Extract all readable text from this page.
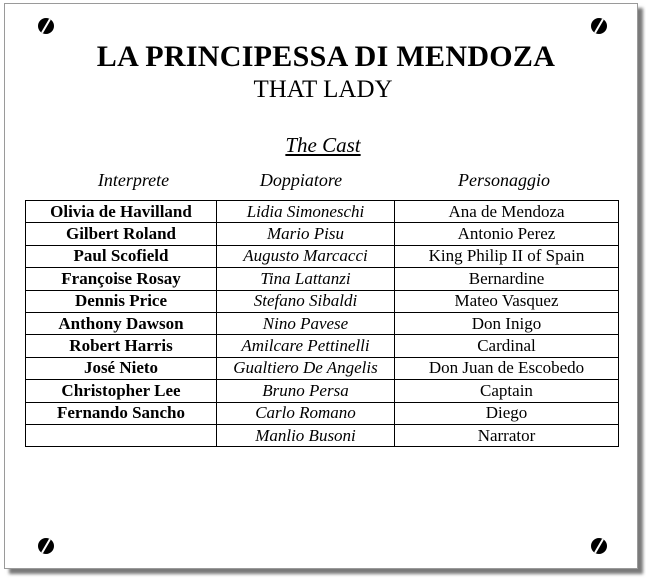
LA PRINCIPESSA DI MENDOZA
THAT LADY
The Cast
Interprete	Doppiatore	Personaggio
Olivia de Havilland	Lidia Simoneschi	Ana de Mendoza
Gilbert Roland	Mario Pisu	Antonio Perez
Paul Scofield	Augusto Marcacci	King Philip II of Spain
Françoise Rosay	Tina Lattanzi	Bernardine
Dennis Price	Stefano Sibaldi	Mateo Vasquez
Anthony Dawson	Nino Pavese	Don Inigo
Robert Harris	Amilcare Pettinelli	Cardinal
José Nieto	Gualtiero De Angelis	Don Juan de Escobedo
Christopher Lee	Bruno Persa	Captain
Fernando Sancho	Carlo Romano	Diego
	Manlio Busoni	Narrator
